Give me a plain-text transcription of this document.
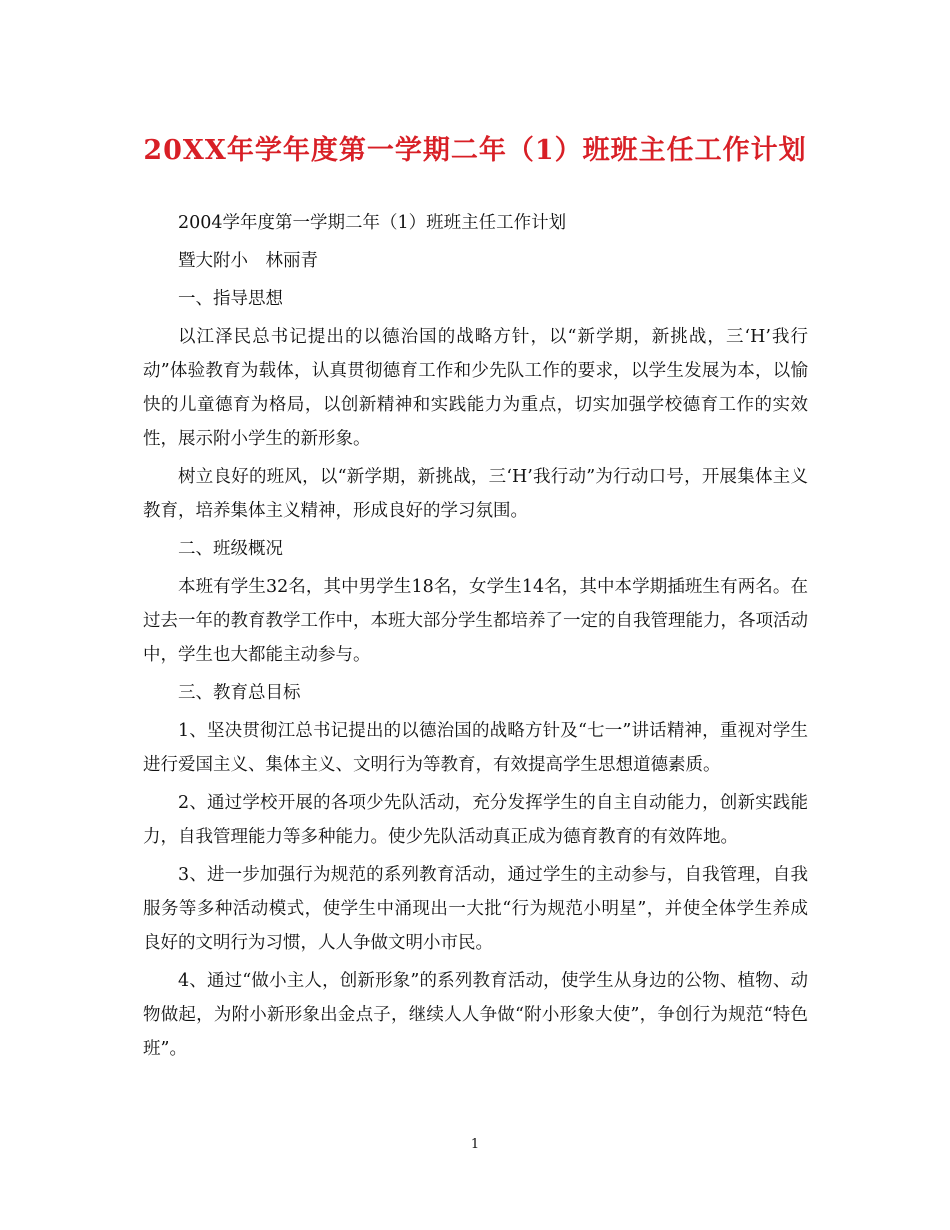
20XX年学年度第一学期二年（1）班班主任工作计划

2004学年度第一学期二年（1）班班主任工作计划

暨大附小　林丽青

一、指导思想

以江泽民总书记提出的以德治国的战略方针，以“新学期，新挑战，三‘H’我行动”体验教育为载体，认真贯彻德育工作和少先队工作的要求，以学生发展为本，以愉快的儿童德育为格局，以创新精神和实践能力为重点，切实加强学校德育工作的实效性，展示附小学生的新形象。

树立良好的班风，以“新学期，新挑战，三‘H’我行动”为行动口号，开展集体主义教育，培养集体主义精神，形成良好的学习氛围。

二、班级概况

本班有学生32名，其中男学生18名，女学生14名，其中本学期插班生有两名。在过去一年的教育教学工作中，本班大部分学生都培养了一定的自我管理能力，各项活动中，学生也大都能主动参与。

三、教育总目标

1、坚决贯彻江总书记提出的以德治国的战略方针及“七一”讲话精神，重视对学生进行爱国主义、集体主义、文明行为等教育，有效提高学生思想道德素质。

2、通过学校开展的各项少先队活动，充分发挥学生的自主自动能力，创新实践能力，自我管理能力等多种能力。使少先队活动真正成为德育教育的有效阵地。

3、进一步加强行为规范的系列教育活动，通过学生的主动参与，自我管理，自我服务等多种活动模式，使学生中涌现出一大批“行为规范小明星”，并使全体学生养成良好的文明行为习惯，人人争做文明小市民。

4、通过“做小主人，创新形象”的系列教育活动，使学生从身边的公物、植物、动物做起，为附小新形象出金点子，继续人人争做“附小形象大使”，争创行为规范“特色班”。

1
